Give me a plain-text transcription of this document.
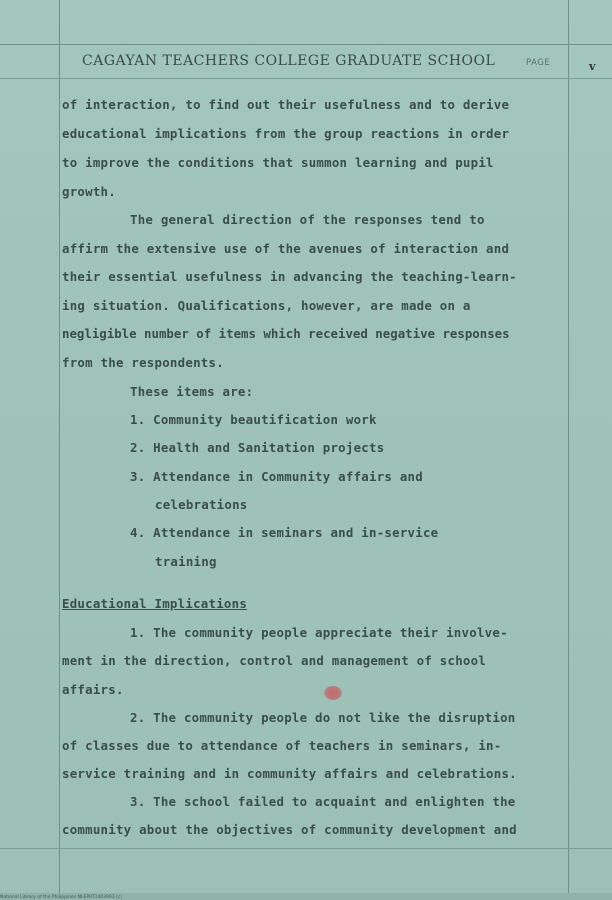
CAGAYAN TEACHERS COLLEGE GRADUATE SCHOOL	PAGE	v
of interaction, to find out their usefulness and to derive
educational implications from the group reactions in order
to improve the conditions that summon learning and pupil
growth.
The general direction of the responses tend to
affirm the extensive use of the avenues of interaction and
their essential usefulness in advancing the teaching-learn-
ing situation. Qualifications, however, are made on a
negligible number of items which received negative responses
from the respondents.
These items are:
1. Community beautification work
2. Health and Sanitation projects
3. Attendance in Community affairs and
celebrations
4. Attendance in seminars and in-service
training
Educational Implications
1. The community people appreciate their involve-
ment in the direction, control and management of school
affairs.
2. The community people do not like the disruption
of classes due to attendance of teachers in seminars, in-
service training and in community affairs and celebrations.
3. The school failed to acquaint and enlighten the
community about the objectives of community development and
National Library of the Philippines NLEPRT1403993 (c)
